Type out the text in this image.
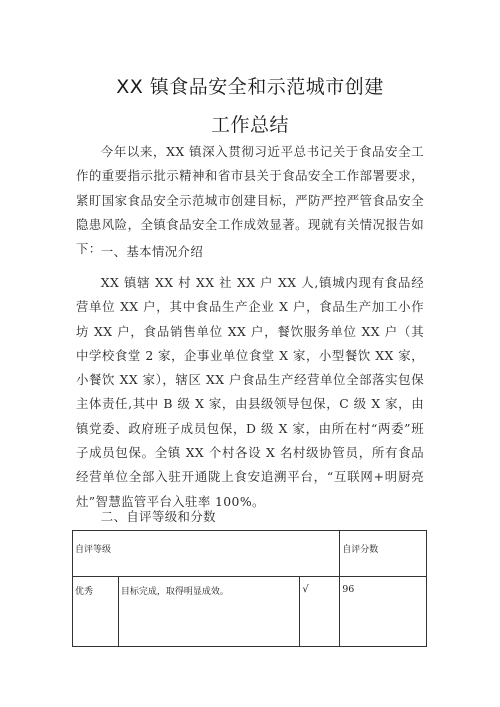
XX 镇食品安全和示范城市创建
工作总结
今年以来，XX 镇深入贯彻习近平总书记关于食品安全工作的重要指示批示精神和省市县关于食品安全工作部署要求，紧盯国家食品安全示范城市创建目标，严防严控严管食品安全隐患风险，全镇食品安全工作成效显著。现就有关情况报告如下： 一、基本情况介绍
XX 镇辖 XX 村 XX 社 XX 户 XX 人,镇城内现有食品经营单位 XX 户，其中食品生产企业 X 户，食品生产加工小作坊 XX 户，食品销售单位 XX 户，餐饮服务单位 XX 户（其中学校食堂 2 家，企事业单位食堂 X 家，小型餐饮 XX 家，小餐饮 XX 家），辖区 XX 户食品生产经营单位全部落实包保主体责任,其中 B 级 X 家，由县级领导包保，C 级 X 家，由镇党委、政府班子成员包保，D 级 X 家，由所在村“两委”班子成员包保。全镇 XX 个村各设 X 名村级协管员，所有食品经营单位全部入驻开通陇上食安追溯平台，“互联网+明厨亮灶”智慧监管平台入驻率 100%。
二、自评等级和分数
自评等级			自评分数
优秀	目标完成，取得明显成效。	√	96
